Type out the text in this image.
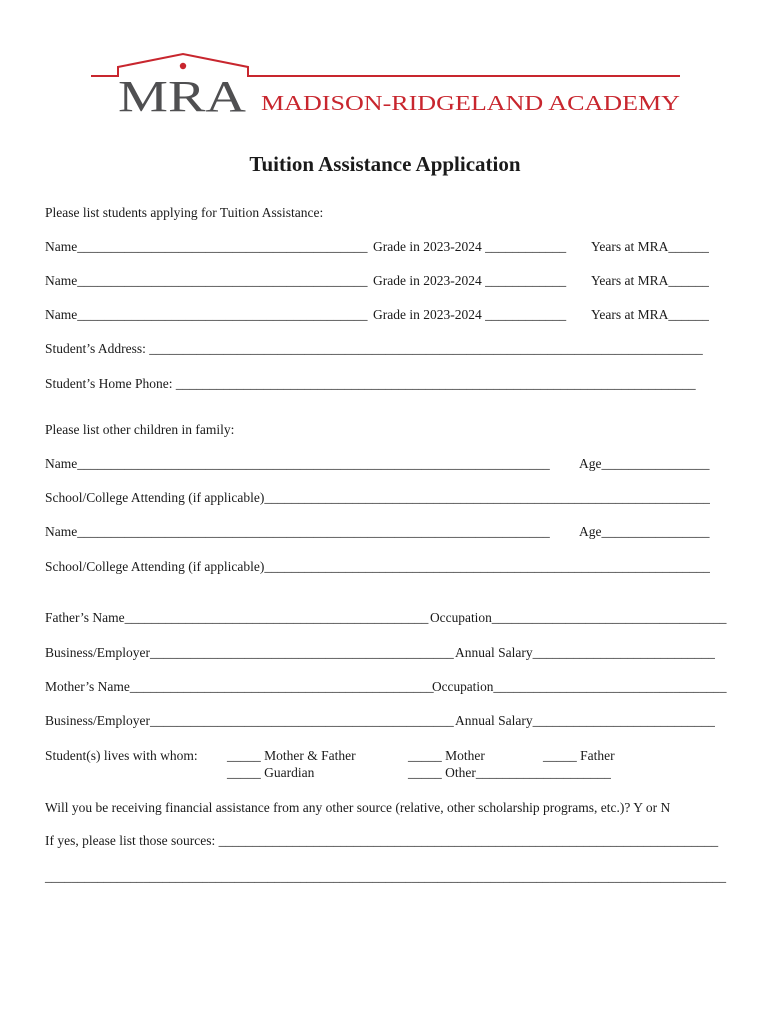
MRA MADISON-RIDGELAND ACADEMY
Tuition Assistance Application
Please list students applying for Tuition Assistance:
Name___________________________________________ Grade in 2023-2024 ____________ Years at MRA______
Name___________________________________________ Grade in 2023-2024 ____________ Years at MRA______
Name___________________________________________ Grade in 2023-2024 ____________ Years at MRA______
Student’s Address: __________________________________________________________________________________
Student’s Home Phone: _____________________________________________________________________________
Please list other children in family:
Name______________________________________________________________________ Age________________
School/College Attending (if applicable)__________________________________________________________________
Name______________________________________________________________________ Age________________
School/College Attending (if applicable)__________________________________________________________________
Father’s Name_____________________________________________ Occupation___________________________________
Business/Employer_____________________________________________ Annual Salary___________________________
Mother’s Name_____________________________________________
Occupation___________________________________
Business/Employer_____________________________________________ Annual Salary___________________________
Student(s) lives with whom: _____ Mother & Father
_____ Guardian
_____ Mother
_____ Other____________________
_____ Father
Will you be receiving financial assistance from any other source (relative, other scholarship programs, etc.)? Y or N
If yes, please list those sources: __________________________________________________________________________
________________________________________________________________________________________________________
